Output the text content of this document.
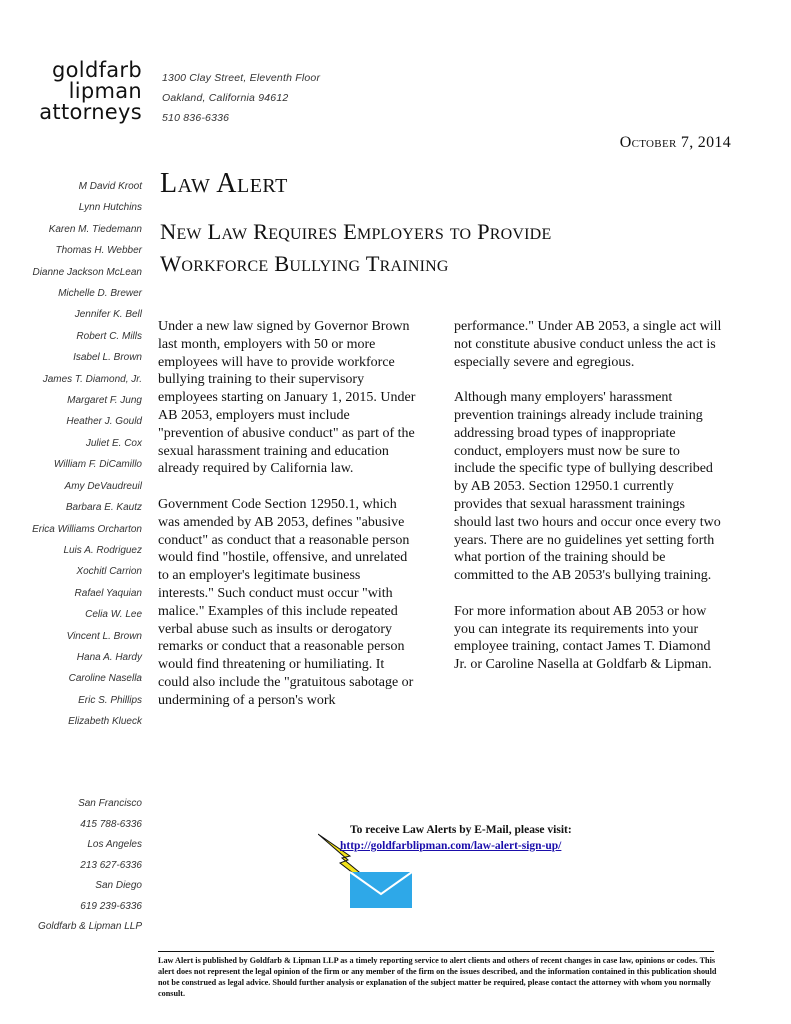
goldfarb
lipman
attorneys
1300 Clay Street, Eleventh Floor
Oakland, California 94612
510 836-6336
October 7, 2014
Law Alert
New Law Requires Employers to Provide
Workforce Bullying Training
M David Kroot
Lynn Hutchins
Karen M. Tiedemann
Thomas H. Webber
Dianne Jackson McLean
Michelle D. Brewer
Jennifer K. Bell
Robert C. Mills
Isabel L. Brown
James T. Diamond, Jr.
Margaret F. Jung
Heather J. Gould
Juliet E. Cox
William F. DiCamillo
Amy DeVaudreuil
Barbara E. Kautz
Erica Williams Orcharton
Luis A. Rodriguez
Xochitl Carrion
Rafael Yaquian
Celia W. Lee
Vincent L. Brown
Hana A. Hardy
Caroline Nasella
Eric S. Phillips
Elizabeth Klueck
San Francisco
415 788-6336
Los Angeles
213 627-6336
San Diego
619 239-6336
Goldfarb & Lipman LLP

Under a new law signed by Governor Brown last month, employers with 50 or more employees will have to provide workforce bullying training to their supervisory employees starting on January 1, 2015. Under AB 2053, employers must include "prevention of abusive conduct" as part of the sexual harassment training and education already required by California law.

Government Code Section 12950.1, which was amended by AB 2053, defines "abusive conduct" as conduct that a reasonable person would find "hostile, offensive, and unrelated to an employer's legitimate business interests." Such conduct must occur "with malice." Examples of this include repeated verbal abuse such as insults or derogatory remarks or conduct that a reasonable person would find threatening or humiliating. It could also include the "gratuitous sabotage or undermining of a person's work

performance." Under AB 2053, a single act will not constitute abusive conduct unless the act is especially severe and egregious.

Although many employers' harassment prevention trainings already include training addressing broad types of inappropriate conduct, employers must now be sure to include the specific type of bullying described by AB 2053. Section 12950.1 currently provides that sexual harassment trainings should last two hours and occur once every two years. There are no guidelines yet setting forth what portion of the training should be committed to the AB 2053's bullying training.

For more information about AB 2053 or how you can integrate its requirements into your employee training, contact James T. Diamond Jr. or Caroline Nasella at Goldfarb & Lipman.

To receive Law Alerts by E-Mail, please visit:
http://goldfarblipman.com/law-alert-sign-up/
Law Alert is published by Goldfarb & Lipman LLP as a timely reporting service to alert clients and others of recent changes in case law, opinions or codes. This alert does not represent the legal opinion of the firm or any member of the firm on the issues described, and the information contained in this publication should not be construed as legal advice. Should further analysis or explanation of the subject matter be required, please contact the attorney with whom you normally consult.
